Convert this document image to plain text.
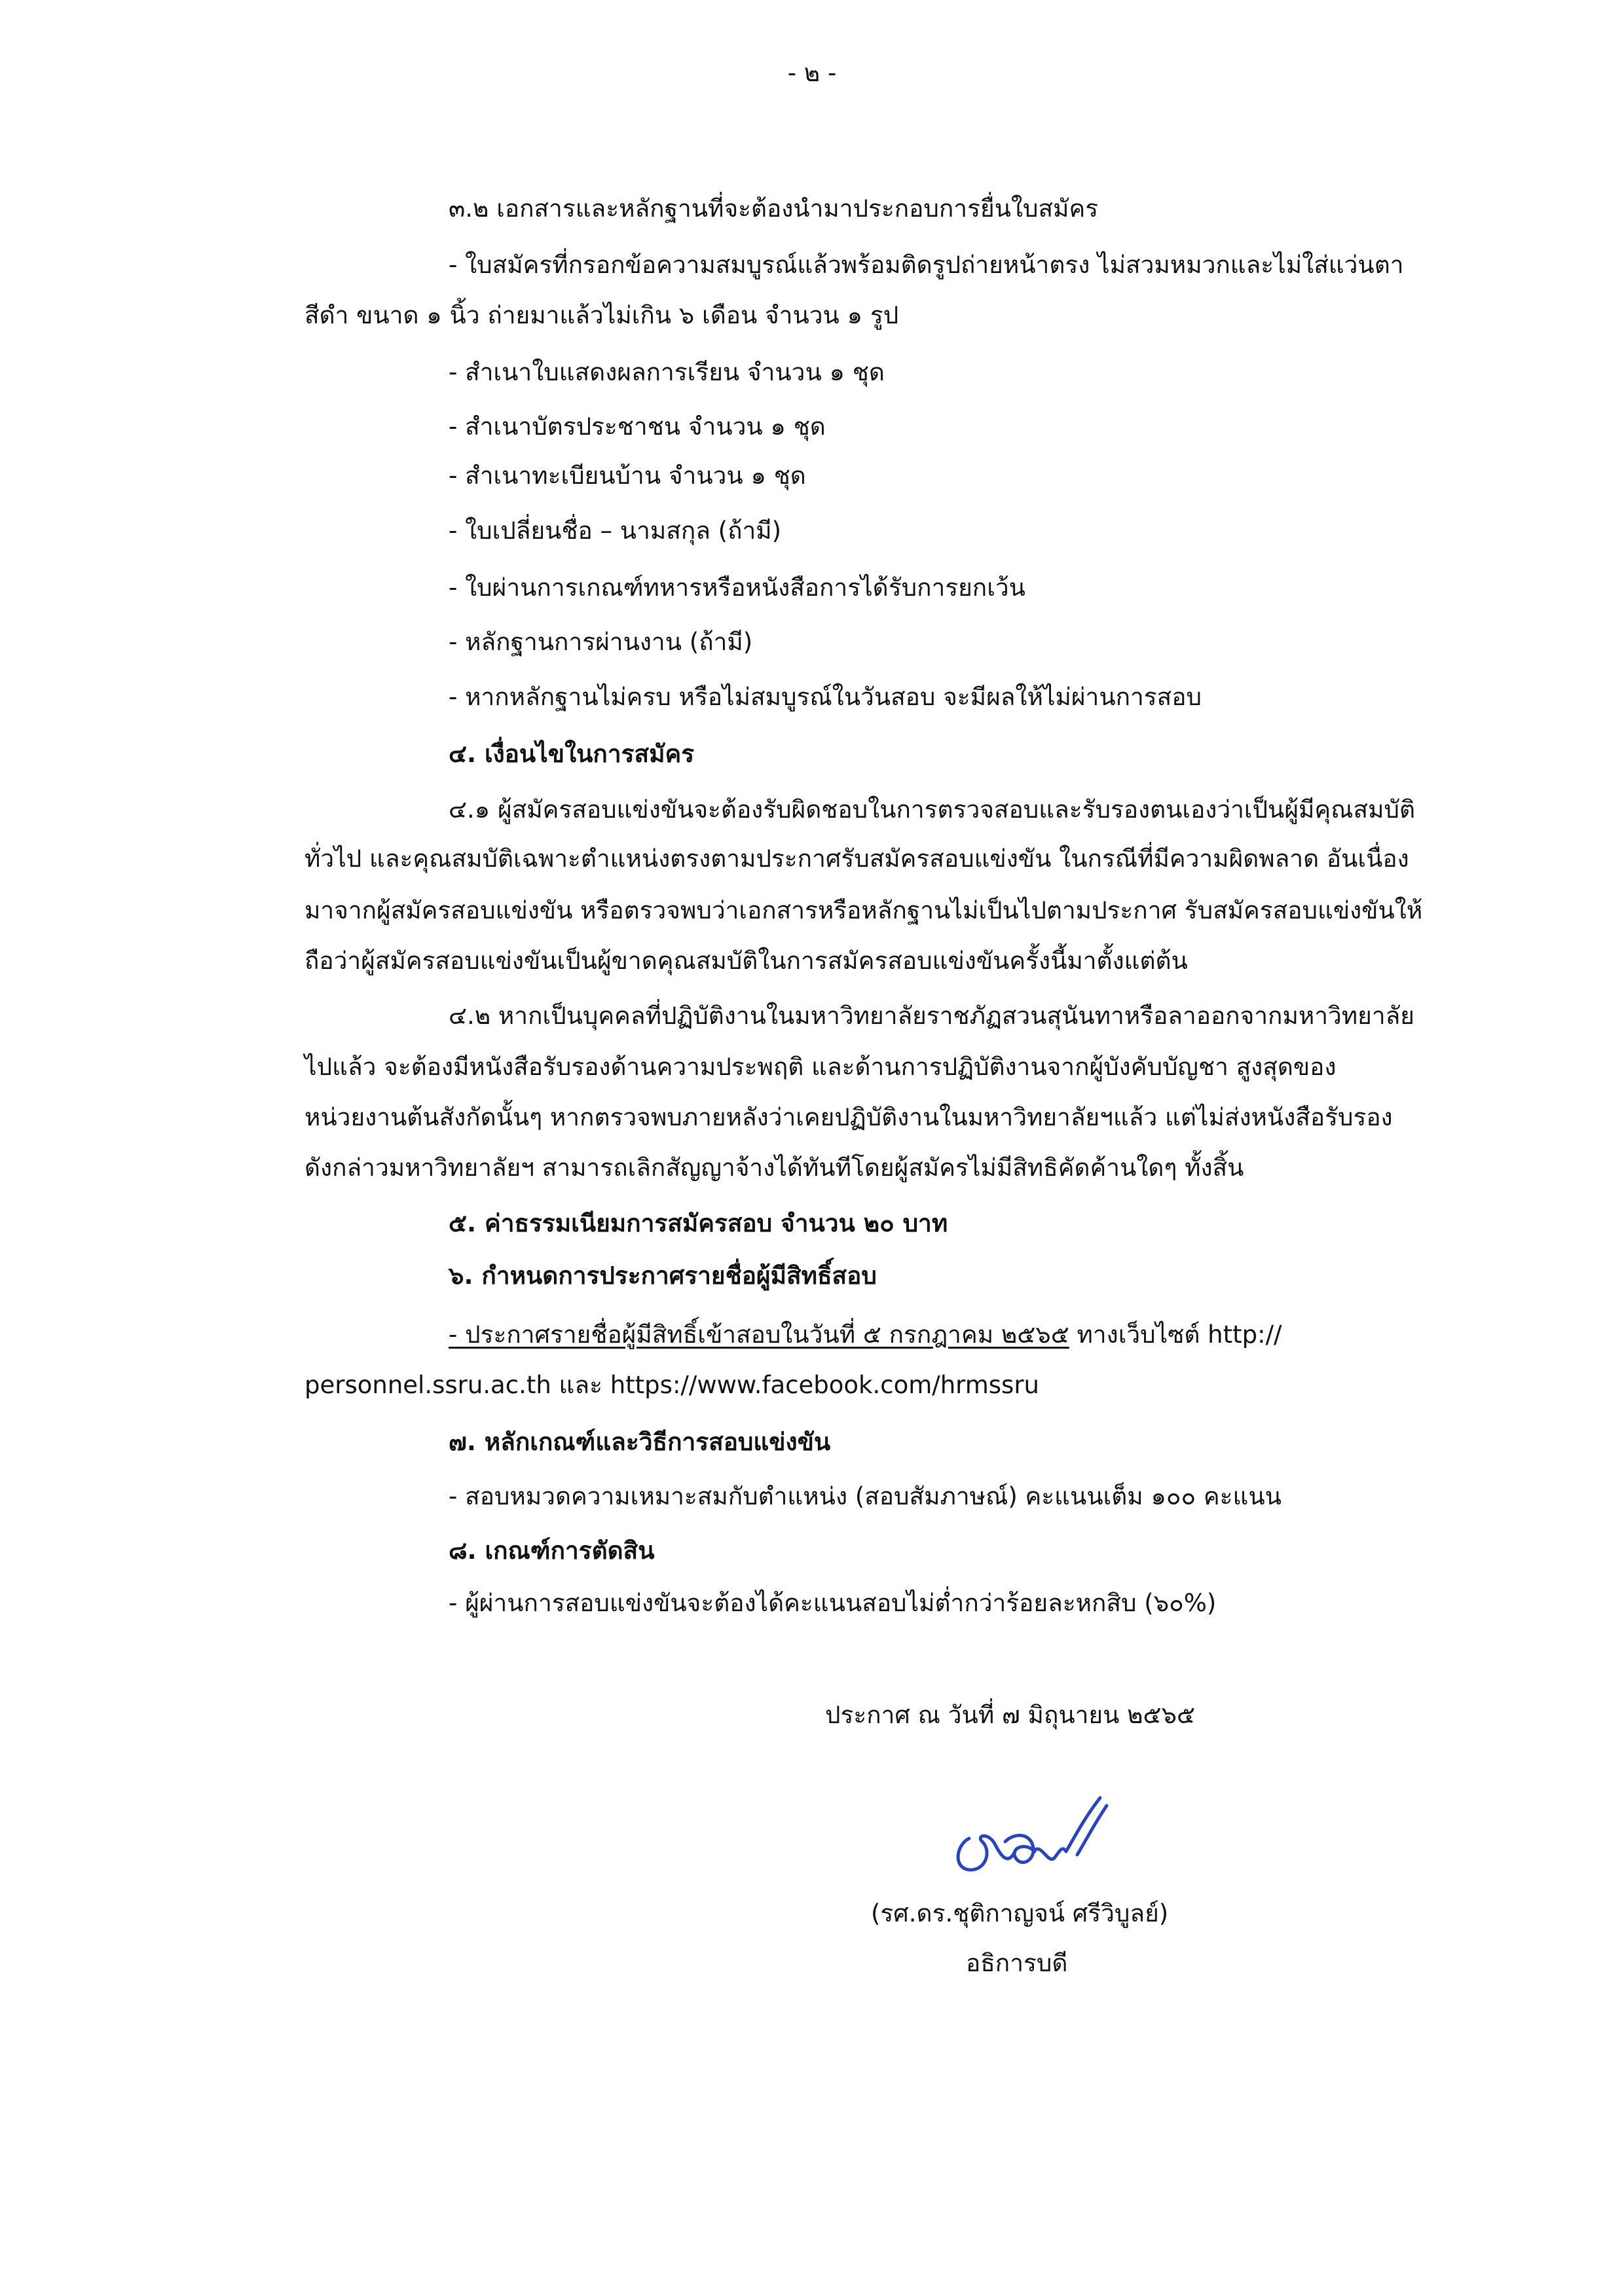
- ๒ -
๓.๒ เอกสารและหลักฐานที่จะต้องนำมาประกอบการยื่นใบสมัคร
- ใบสมัครที่กรอกข้อความสมบูรณ์แล้วพร้อมติดรูปถ่ายหน้าตรง ไม่สวมหมวกและไม่ใส่แว่นตา
สีดำ ขนาด ๑ นิ้ว ถ่ายมาแล้วไม่เกิน ๖ เดือน จำนวน ๑ รูป
- สำเนาใบแสดงผลการเรียน จำนวน ๑ ชุด
- สำเนาบัตรประชาชน จำนวน ๑ ชุด
- สำเนาทะเบียนบ้าน จำนวน ๑ ชุด
- ใบเปลี่ยนชื่อ – นามสกุล (ถ้ามี)
- ใบผ่านการเกณฑ์ทหารหรือหนังสือการได้รับการยกเว้น
- หลักฐานการผ่านงาน (ถ้ามี)
- หากหลักฐานไม่ครบ หรือไม่สมบูรณ์ในวันสอบ จะมีผลให้ไม่ผ่านการสอบ
๔. เงื่อนไขในการสมัคร
๔.๑ ผู้สมัครสอบแข่งขันจะต้องรับผิดชอบในการตรวจสอบและรับรองตนเองว่าเป็นผู้มีคุณสมบัติ
ทั่วไป และคุณสมบัติเฉพาะตำแหน่งตรงตามประกาศรับสมัครสอบแข่งขัน ในกรณีที่มีความผิดพลาด อันเนื่อง
มาจากผู้สมัครสอบแข่งขัน หรือตรวจพบว่าเอกสารหรือหลักฐานไม่เป็นไปตามประกาศ รับสมัครสอบแข่งขันให้
ถือว่าผู้สมัครสอบแข่งขันเป็นผู้ขาดคุณสมบัติในการสมัครสอบแข่งขันครั้งนี้มาตั้งแต่ต้น
๔.๒ หากเป็นบุคคลที่ปฏิบัติงานในมหาวิทยาลัยราชภัฏสวนสุนันทาหรือลาออกจากมหาวิทยาลัย
ไปแล้ว จะต้องมีหนังสือรับรองด้านความประพฤติ และด้านการปฏิบัติงานจากผู้บังคับบัญชา สูงสุดของ
หน่วยงานต้นสังกัดนั้นๆ หากตรวจพบภายหลังว่าเคยปฏิบัติงานในมหาวิทยาลัยฯแล้ว แต่ไม่ส่งหนังสือรับรอง
ดังกล่าวมหาวิทยาลัยฯ สามารถเลิกสัญญาจ้างได้ทันทีโดยผู้สมัครไม่มีสิทธิคัดค้านใดๆ ทั้งสิ้น
๕. ค่าธรรมเนียมการสมัครสอบ จำนวน ๒๐ บาท
๖. กำหนดการประกาศรายชื่อผู้มีสิทธิ์สอบ
- ประกาศรายชื่อผู้มีสิทธิ์เข้าสอบในวันที่ ๕ กรกฎาคม ๒๕๖๕ ทางเว็บไซต์ http://
personnel.ssru.ac.th และ https://www.facebook.com/hrmssru
๗. หลักเกณฑ์และวิธีการสอบแข่งขัน
- สอบหมวดความเหมาะสมกับตำแหน่ง (สอบสัมภาษณ์) คะแนนเต็ม ๑๐๐ คะแนน
๘. เกณฑ์การตัดสิน
- ผู้ผ่านการสอบแข่งขันจะต้องได้คะแนนสอบไม่ต่ำกว่าร้อยละหกสิบ (๖๐%)
ประกาศ ณ วันที่ ๗ มิถุนายน ๒๕๖๕
(รศ.ดร.ชุติกาญจน์ ศรีวิบูลย์)
อธิการบดี
